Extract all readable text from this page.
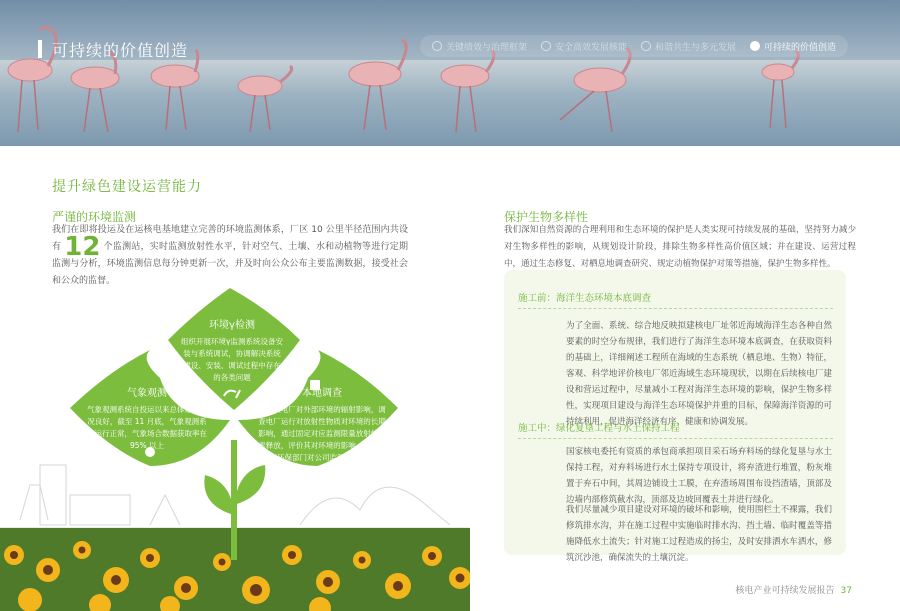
可持续的价值创造	关键绩效与治理框架	安全高效发展核能	和谐共生与多元发展	可持续的价值创造
提升绿色建设运营能力
严谨的环境监测	保护生物多样性
我们在即将投运及在运核电基地建立完善的环境监测体系，厂区 10 公里半径范围内共设有 12 个监测站，实时监测放射性水平，针对空气、土壤、水和动植物等进行定期监测与分析，环境监测信息每分钟更新一次，并及时向公众公布主要监测数据，接受社会和公众的监督。
我们深知自然资源的合理利用和生态环境的保护是人类实现可持续发展的基础，坚持努力减少对生物多样性的影响，从规划设计阶段，排除生物多样性高价值区域；并在建设、运营过程中，通过生态修复、对栖息地调查研究、规定动植物保护对策等措施，保护生物多样性。
施工前：海洋生态环境本底调查
为了全面、系统、综合地反映拟建核电厂址邻近海域海洋生态各种自然要素的时空分布规律，我们进行了海洋生态环境本底调查，在获取资料的基础上，详细阐述工程所在海域的生态系统（栖息地、生物）特征，客观、科学地评价核电厂邻近海域生态环境现状，以期在后续核电厂建设和营运过程中，尽量减小工程对海洋生态环境的影响，保护生物多样性，实现项目建设与海洋生态环境保护并重的目标，保障海洋资源的可持续利用，促进海洋经济有序、健康和协调发展。
施工中：绿化复垦工程与水土保持工程
国家核电委托有资质的承包商承担项目采石场弃料场的绿化复垦与水土保持工程，对弃料场进行水土保持专项设计，将弃渣进行堆置，粉灰堆置于弃石中间，其周边铺设土工膜，在弃渣场周围布设挡渣墙，顶部及边墙内部修筑截水沟，顶部及边坡回覆表土并进行绿化。
我们尽量减少项目建设对环境的破坏和影响，使用围栏土不裸露，我们修筑排水沟，并在施工过程中实施临时排水沟、挡土墙、临时覆盖等措施降低水土流失；针对施工过程造成的扬尘，及时安排洒水车洒水，修筑沉沙池，确保流失的土壤沉淀。
环境γ检测
组织开展环境γ监测系统设备安装与系统调试，协调解决系统建设、安装、调试过程中存在的各类问题
气象观测
气象观测系统自投运以来总体运行情况良好，截至 11 月底，气象观测系统运行正常，气象场合数据获取率在 95% 以上
本地调查
调查核电厂对外部环境的辐射影响，调查电厂运行对放射性物质对环境的长期影响，通过固定对应监测限量放射性元素释放，评价其对环境的影响，同时向国家环保部门对公司监测情况进行报备，定期考察公司执行情况
核电产业可持续发展报告 37
